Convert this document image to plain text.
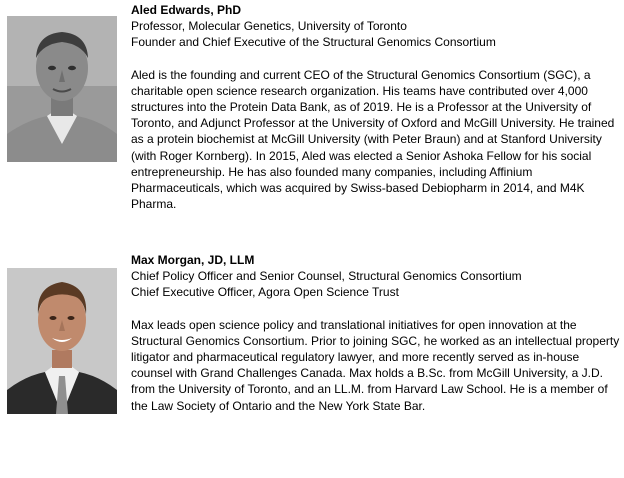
Aled Edwards, PhD

Professor, Molecular Genetics, University of Toronto

Founder and Chief Executive of the Structural Genomics Consortium

Aled is the founding and current CEO of the Structural Genomics Consortium (SGC), a charitable open science research organization. His teams have contributed over 4,000 structures into the Protein Data Bank, as of 2019. He is a Professor at the University of Toronto, and Adjunct Professor at the University of Oxford and McGill University. He trained as a protein biochemist at McGill University (with Peter Braun) and at Stanford University (with Roger Kornberg). In 2015, Aled was elected a Senior Ashoka Fellow for his social entrepreneurship. He has also founded many companies, including Affinium Pharmaceuticals, which was acquired by Swiss-based Debiopharm in 2014, and M4K Pharma.

Max Morgan, JD, LLM

Chief Policy Officer and Senior Counsel, Structural Genomics Consortium

Chief Executive Officer, Agora Open Science Trust

Max leads open science policy and translational initiatives for open innovation at the Structural Genomics Consortium. Prior to joining SGC, he worked as an intellectual property litigator and pharmaceutical regulatory lawyer, and more recently served as in-house counsel with Grand Challenges Canada. Max holds a B.Sc. from McGill University, a J.D. from the University of Toronto, and an LL.M. from Harvard Law School. He is a member of the Law Society of Ontario and the New York State Bar.
